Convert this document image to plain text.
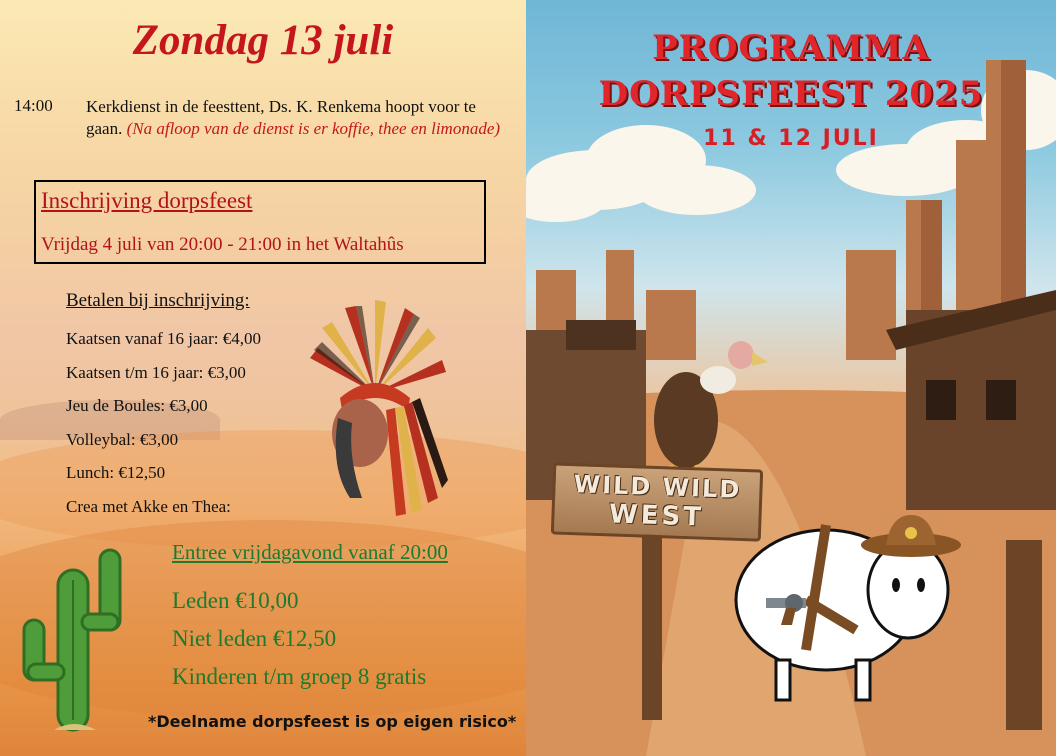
Zondag 13 juli
14:00 Kerkdienst in de feesttent, Ds. K. Renkema hoopt voor te gaan. (Na afloop van de dienst is er koffie, thee en limonade)
Inschrijving dorpsfeest
Vrijdag 4 juli van 20:00 - 21:00 in het Waltahûs
Betalen bij inschrijving:
Kaatsen vanaf 16 jaar: €4,00
Kaatsen t/m 16 jaar: €3,00
Jeu de Boules: €3,00
Volleybal: €3,00
Lunch: €12,50
Crea met Akke en Thea:
Entree vrijdagavond vanaf 20:00
Leden €10,00
Niet leden €12,50
Kinderen t/m groep 8 gratis
*Deelname dorpsfeest is op eigen risico*
PROGRAMMA
DORPSFEEST 2025
11 & 12 JULI
WILD WILD
WEST
